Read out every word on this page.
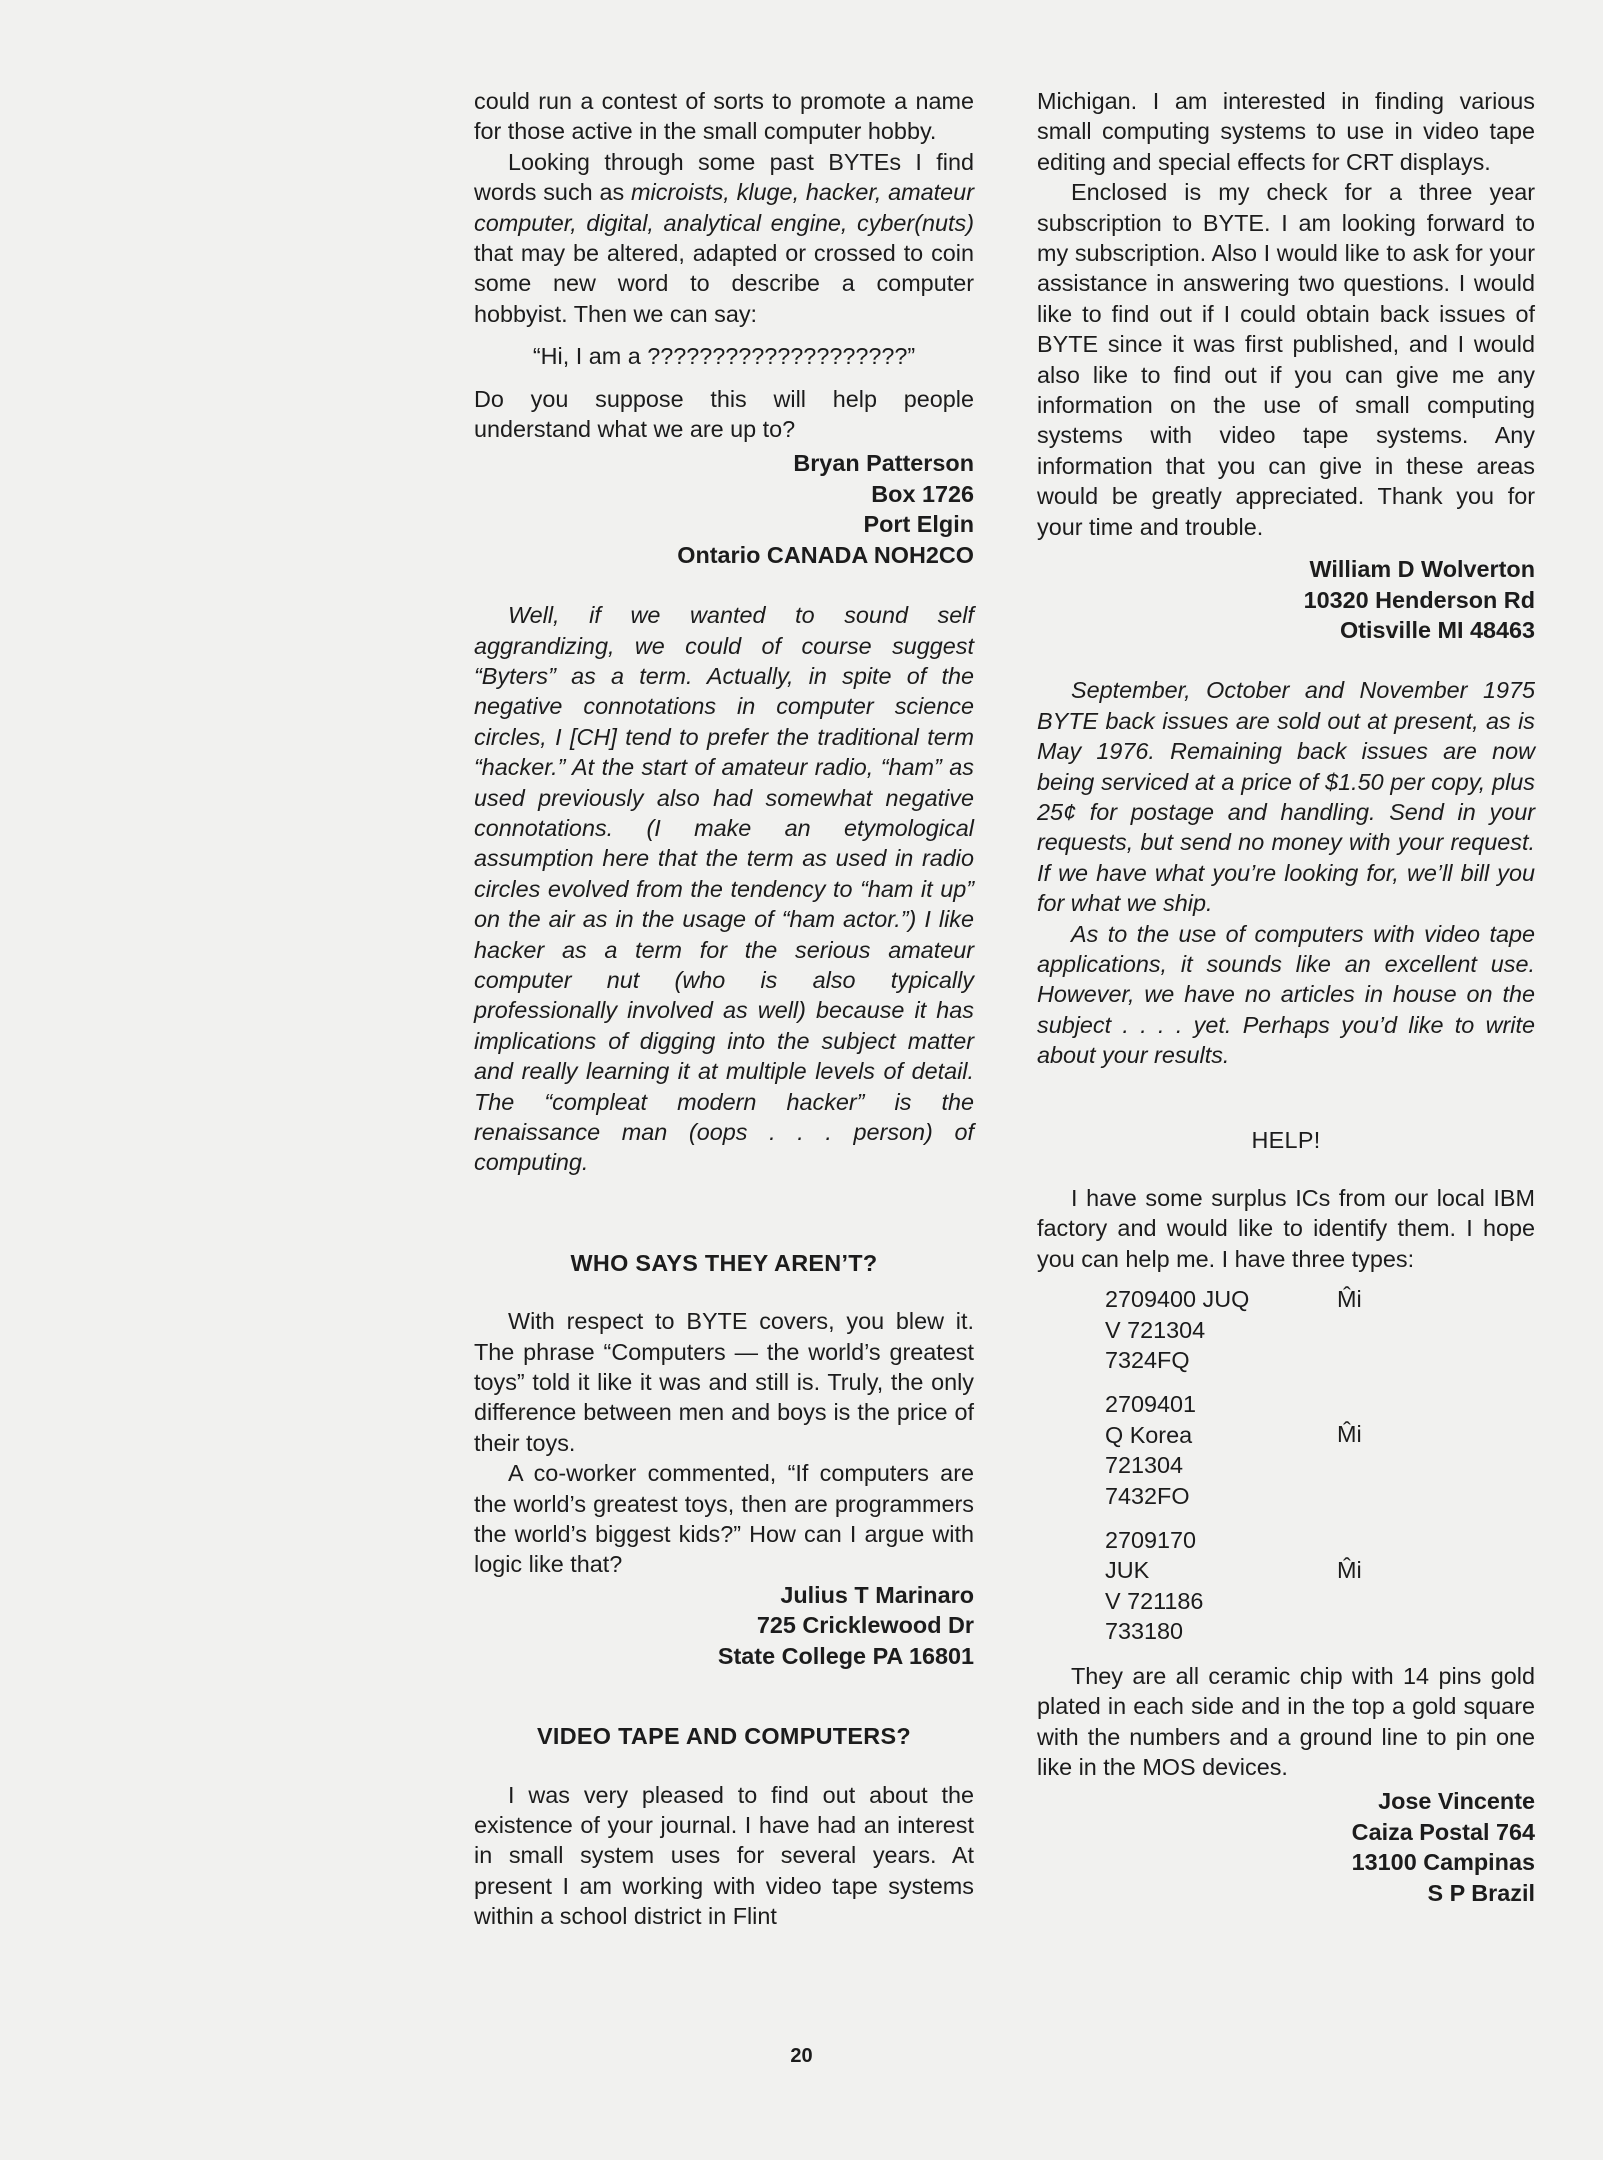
could run a contest of sorts to promote a name for those active in the small computer hobby.

Looking through some past BYTEs I find words such as microists, kluge, hacker, amateur computer, digital, analytical engine, cyber(nuts) that may be altered, adapted or crossed to coin some new word to describe a computer hobbyist. Then we can say:

“Hi, I am a ????????????????????”

Do you suppose this will help people understand what we are up to?

Bryan Patterson
Box 1726
Port Elgin
Ontario CANADA NOH2CO

Well, if we wanted to sound self aggrandizing, we could of course suggest “Byters” as a term. Actually, in spite of the negative connotations in computer science circles, I [CH] tend to prefer the traditional term “hacker.” At the start of amateur radio, “ham” as used previously also had somewhat negative connotations. (I make an etymological assumption here that the term as used in radio circles evolved from the tendency to “ham it up” on the air as in the usage of “ham actor.”) I like hacker as a term for the serious amateur computer nut (who is also typically professionally involved as well) because it has implications of digging into the subject matter and really learning it at multiple levels of detail. The “compleat modern hacker” is the renaissance man (oops . . . person) of computing.

WHO SAYS THEY AREN’T?

With respect to BYTE covers, you blew it. The phrase “Computers — the world’s greatest toys” told it like it was and still is. Truly, the only difference between men and boys is the price of their toys.

A co-worker commented, “If computers are the world’s greatest toys, then are programmers the world’s biggest kids?” How can I argue with logic like that?

Julius T Marinaro
725 Cricklewood Dr
State College PA 16801

VIDEO TAPE AND COMPUTERS?

I was very pleased to find out about the existence of your journal. I have had an interest in small system uses for several years. At present I am working with video tape systems within a school district in Flint

Michigan. I am interested in finding various small computing systems to use in video tape editing and special effects for CRT displays.

Enclosed is my check for a three year subscription to BYTE. I am looking forward to my subscription. Also I would like to ask for your assistance in answering two questions. I would like to find out if I could obtain back issues of BYTE since it was first published, and I would also like to find out if you can give me any information on the use of small computing systems with video tape systems. Any information that you can give in these areas would be greatly appreciated. Thank you for your time and trouble.

William D Wolverton
10320 Henderson Rd
Otisville MI 48463

September, October and November 1975 BYTE back issues are sold out at present, as is May 1976. Remaining back issues are now being serviced at a price of $1.50 per copy, plus 25¢ for postage and handling. Send in your requests, but send no money with your request. If we have what you’re looking for, we’ll bill you for what we ship.

As to the use of computers with video tape applications, it sounds like an excellent use. However, we have no articles in house on the subject . . . . yet. Perhaps you’d like to write about your results.

HELP!

I have some surplus ICs from our local IBM factory and would like to identify them. I hope you can help me. I have three types:

2709400 JUQ
V 721304
7324FQ
M̂i
2709401
Q Korea
721304
7432FO
M̂i
2709170
JUK
V 721186
733180
M̂i

They are all ceramic chip with 14 pins gold plated in each side and in the top a gold square with the numbers and a ground line to pin one like in the MOS devices.

Jose Vincente
Caiza Postal 764
13100 Campinas
S P Brazil
20
